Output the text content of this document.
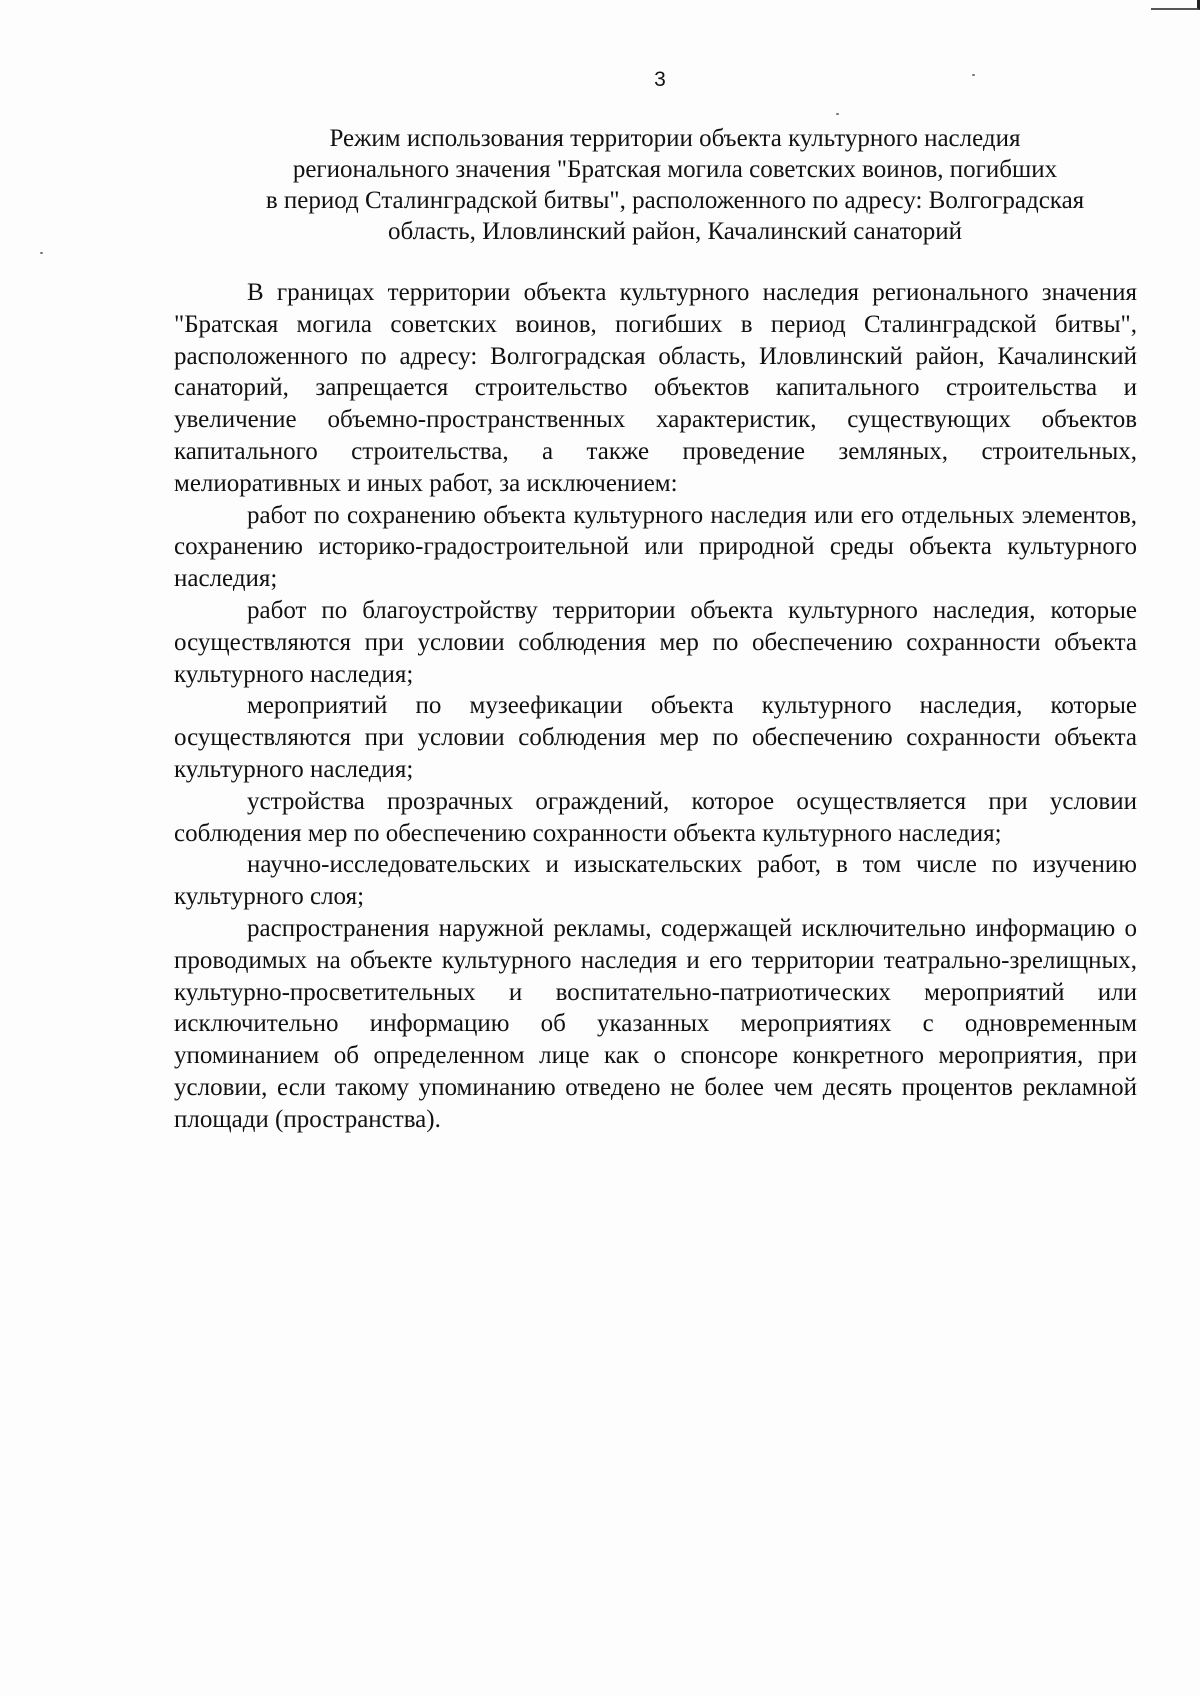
3
Режим использования территории объекта культурного наследия
регионального значения "Братская могила советских воинов, погибших
в период Сталинградской битвы", расположенного по адресу: Волгоградская
область, Иловлинский район, Качалинский санаторий

В границах территории объекта культурного наследия регионального значения "Братская могила советских воинов, погибших в период Сталинградской битвы", расположенного по адресу: Волгоградская область, Иловлинский район, Качалинский санаторий, запрещается строительство объектов капитального строительства и увеличение объемно-пространственных характеристик, существующих объектов капитального строительства, а также проведение земляных, строительных, мелиоративных и иных работ, за исключением:

работ по сохранению объекта культурного наследия или его отдельных элементов, сохранению историко-градостроительной или природной среды объекта культурного наследия;

работ по благоустройству территории объекта культурного наследия, которые осуществляются при условии соблюдения мер по обеспечению сохранности объекта культурного наследия;

мероприятий по музеефикации объекта культурного наследия, которые осуществляются при условии соблюдения мер по обеспечению сохранности объекта культурного наследия;

устройства прозрачных ограждений, которое осуществляется при условии соблюдения мер по обеспечению сохранности объекта культурного наследия;

научно-исследовательских и изыскательских работ, в том числе по изучению культурного слоя;

распространения наружной рекламы, содержащей исключительно информацию о проводимых на объекте культурного наследия и его территории театрально-зрелищных, культурно-просветительных и воспитательно-патриотических мероприятий или исключительно информацию об указанных мероприятиях с одновременным упоминанием об определенном лице как о спонсоре конкретного мероприятия, при условии, если такому упоминанию отведено не более чем десять процентов рекламной площади (пространства).
